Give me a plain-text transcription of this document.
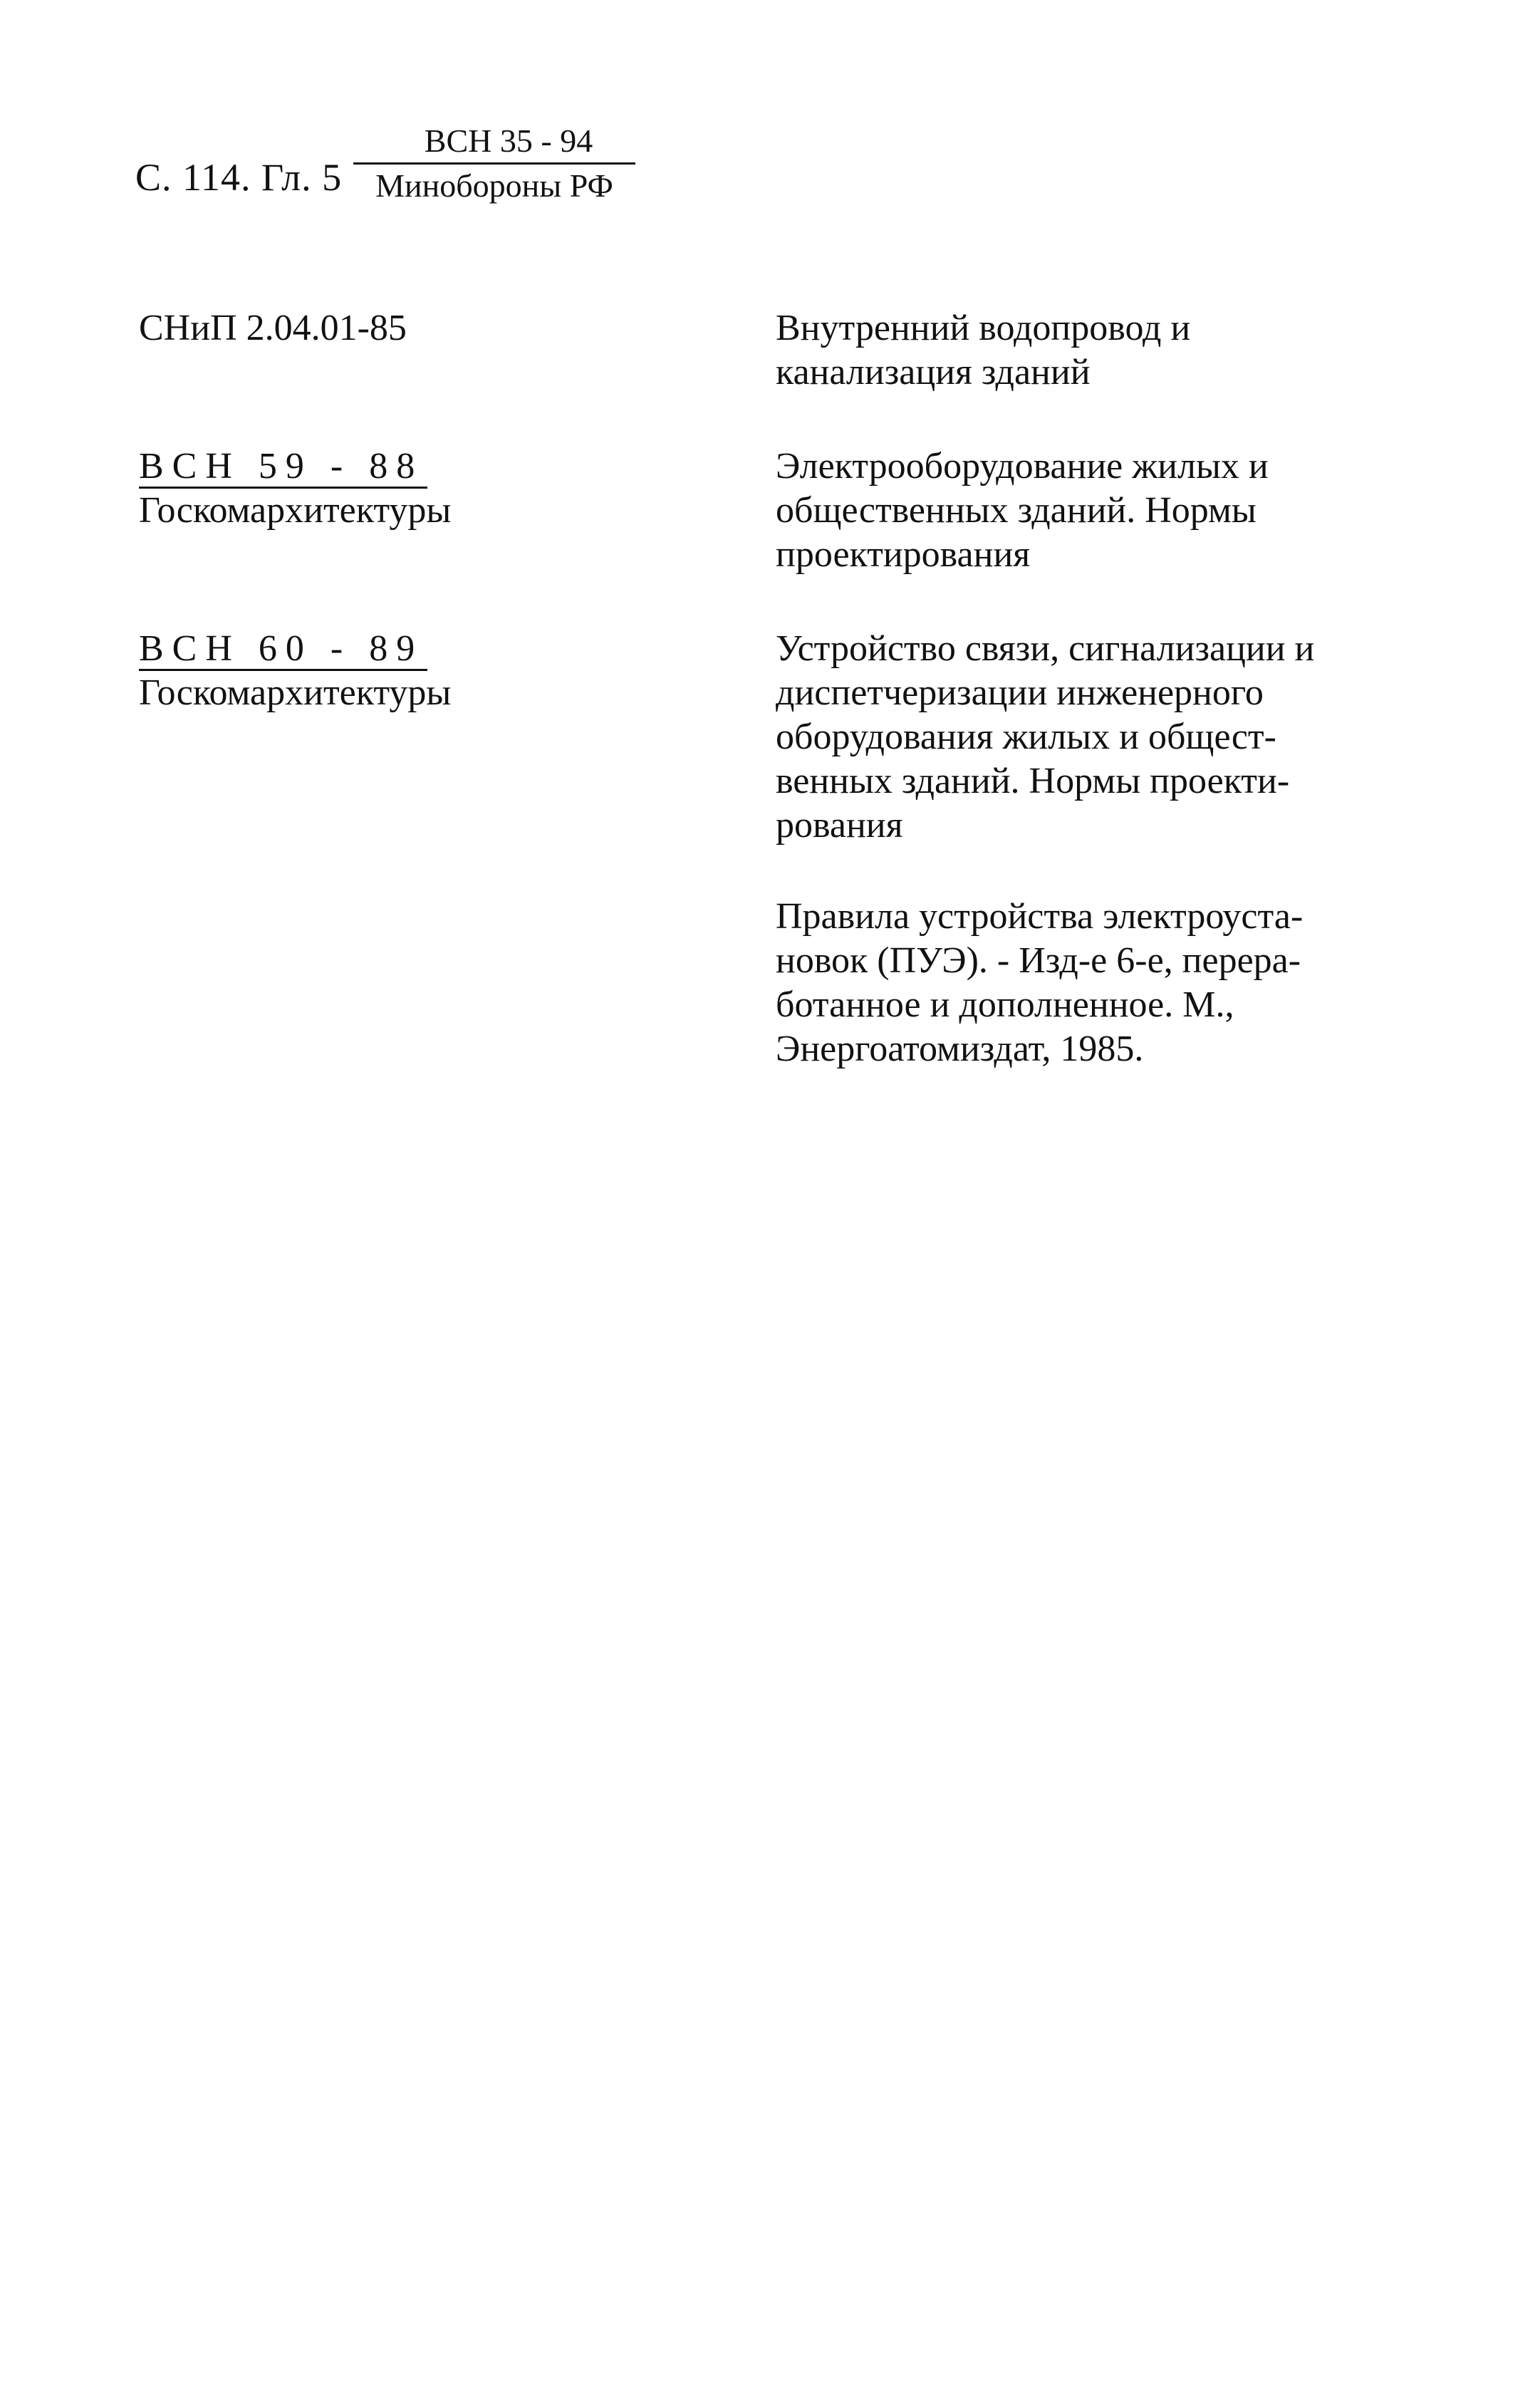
С. 114. Гл. 5
ВСН 35 - 94
Минобороны РФ
СНиП 2.04.01-85	Внутренний водопровод и
канализация зданий
ВСН 59 - 88
Госкомархитектуры
Электрооборудование жилых и
общественных зданий. Нормы
проектирования
ВСН 60 - 89
Госкомархитектуры
Устройство связи, сигнализации и
диспетчеризации инженерного
оборудования жилых и общест-
венных зданий. Нормы проекти-
рования
Правила устройства электроуста-
новок (ПУЭ). - Изд-е 6-е, перера-
ботанное и дополненное. М.,
Энергоатомиздат, 1985.
